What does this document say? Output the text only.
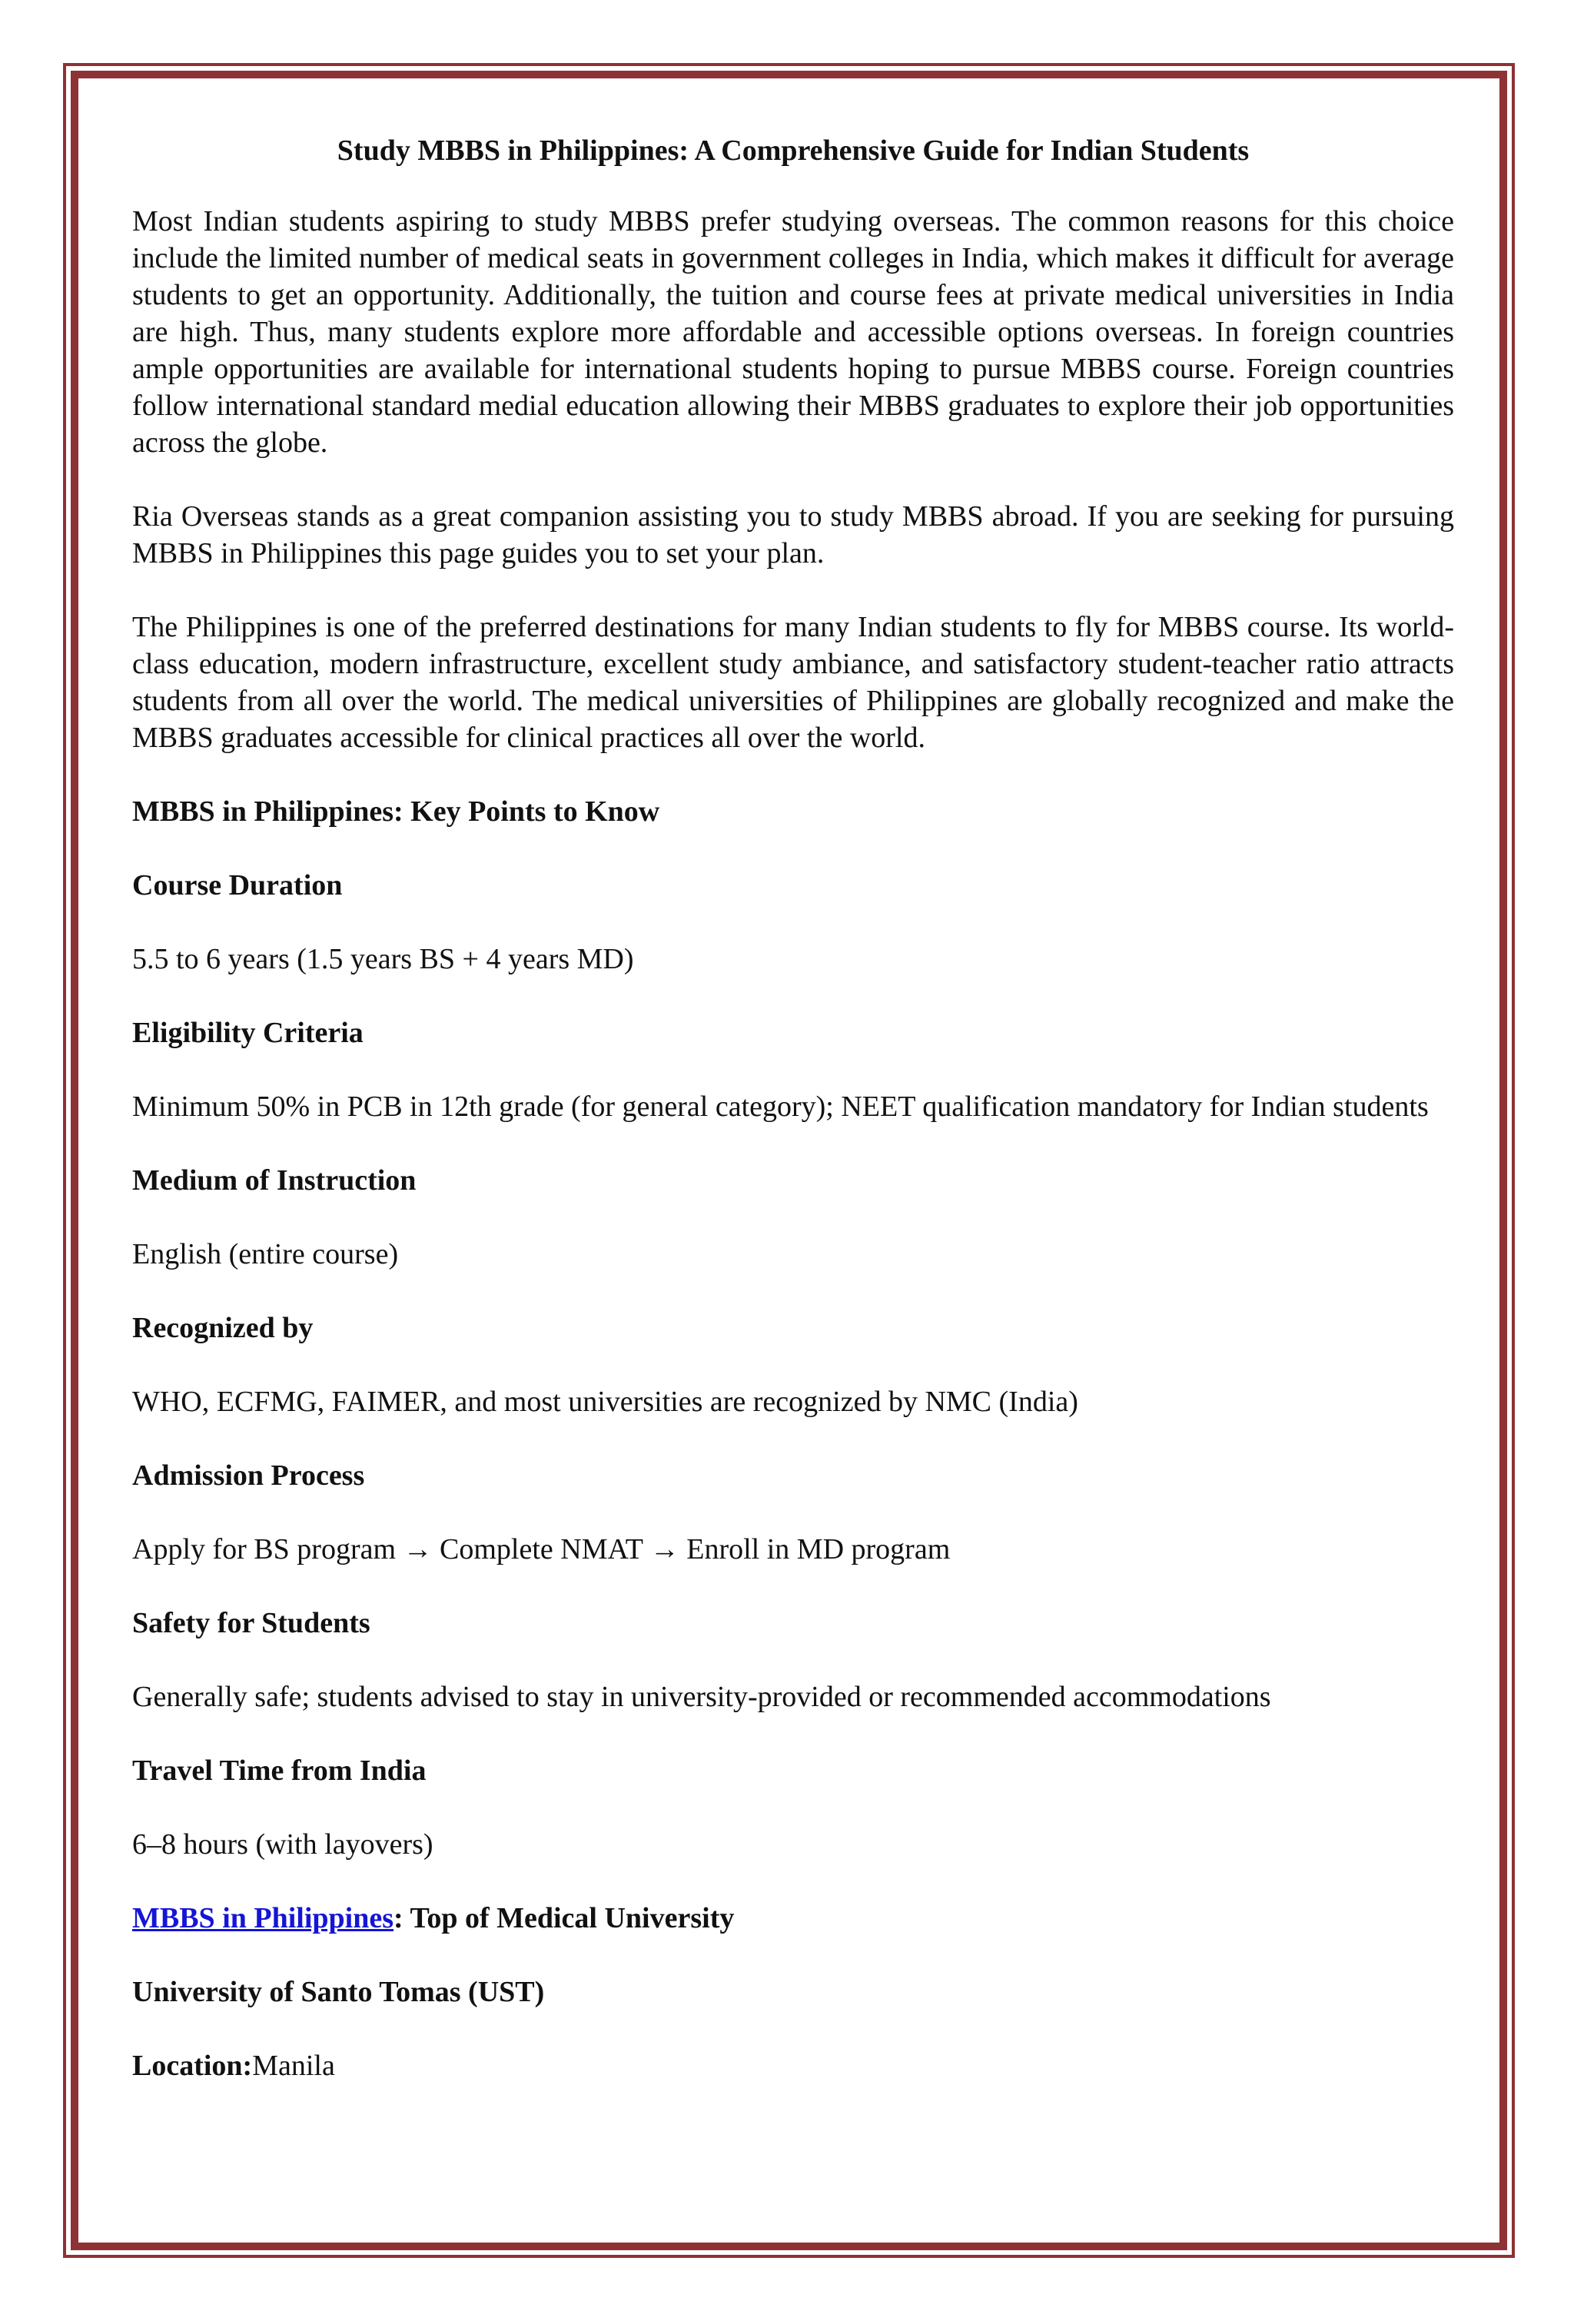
Study MBBS in Philippines: A Comprehensive Guide for Indian Students

Most Indian students aspiring to study MBBS prefer studying overseas. The common reasons for this choice include the limited number of medical seats in government colleges in India, which makes it difficult for average students to get an opportunity. Additionally, the tuition and course fees at private medical universities in India are high. Thus, many students explore more affordable and accessible options overseas. In foreign countries ample opportunities are available for international students hoping to pursue MBBS course. Foreign countries follow international standard medial education allowing their MBBS graduates to explore their job opportunities across the globe.

Ria Overseas stands as a great companion assisting you to study MBBS abroad. If you are seeking for pursuing MBBS in Philippines this page guides you to set your plan.

The Philippines is one of the preferred destinations for many Indian students to fly for MBBS course. Its world-class education, modern infrastructure, excellent study ambiance, and satisfactory student-teacher ratio attracts students from all over the world. The medical universities of Philippines are globally recognized and make the MBBS graduates accessible for clinical practices all over the world.

MBBS in Philippines: Key Points to Know
Course Duration

5.5 to 6 years (1.5 years BS + 4 years MD)

Eligibility Criteria

Minimum 50% in PCB in 12th grade (for general category); NEET qualification mandatory for Indian students

Medium of Instruction

English (entire course)

Recognized by

WHO, ECFMG, FAIMER, and most universities are recognized by NMC (India)

Admission Process

Apply for BS program → Complete NMAT → Enroll in MD program

Safety for Students

Generally safe; students advised to stay in university-provided or recommended accommodations

Travel Time from India

6–8 hours (with layovers)

MBBS in Philippines: Top of Medical University
University of Santo Tomas (UST)
Location:Manila
